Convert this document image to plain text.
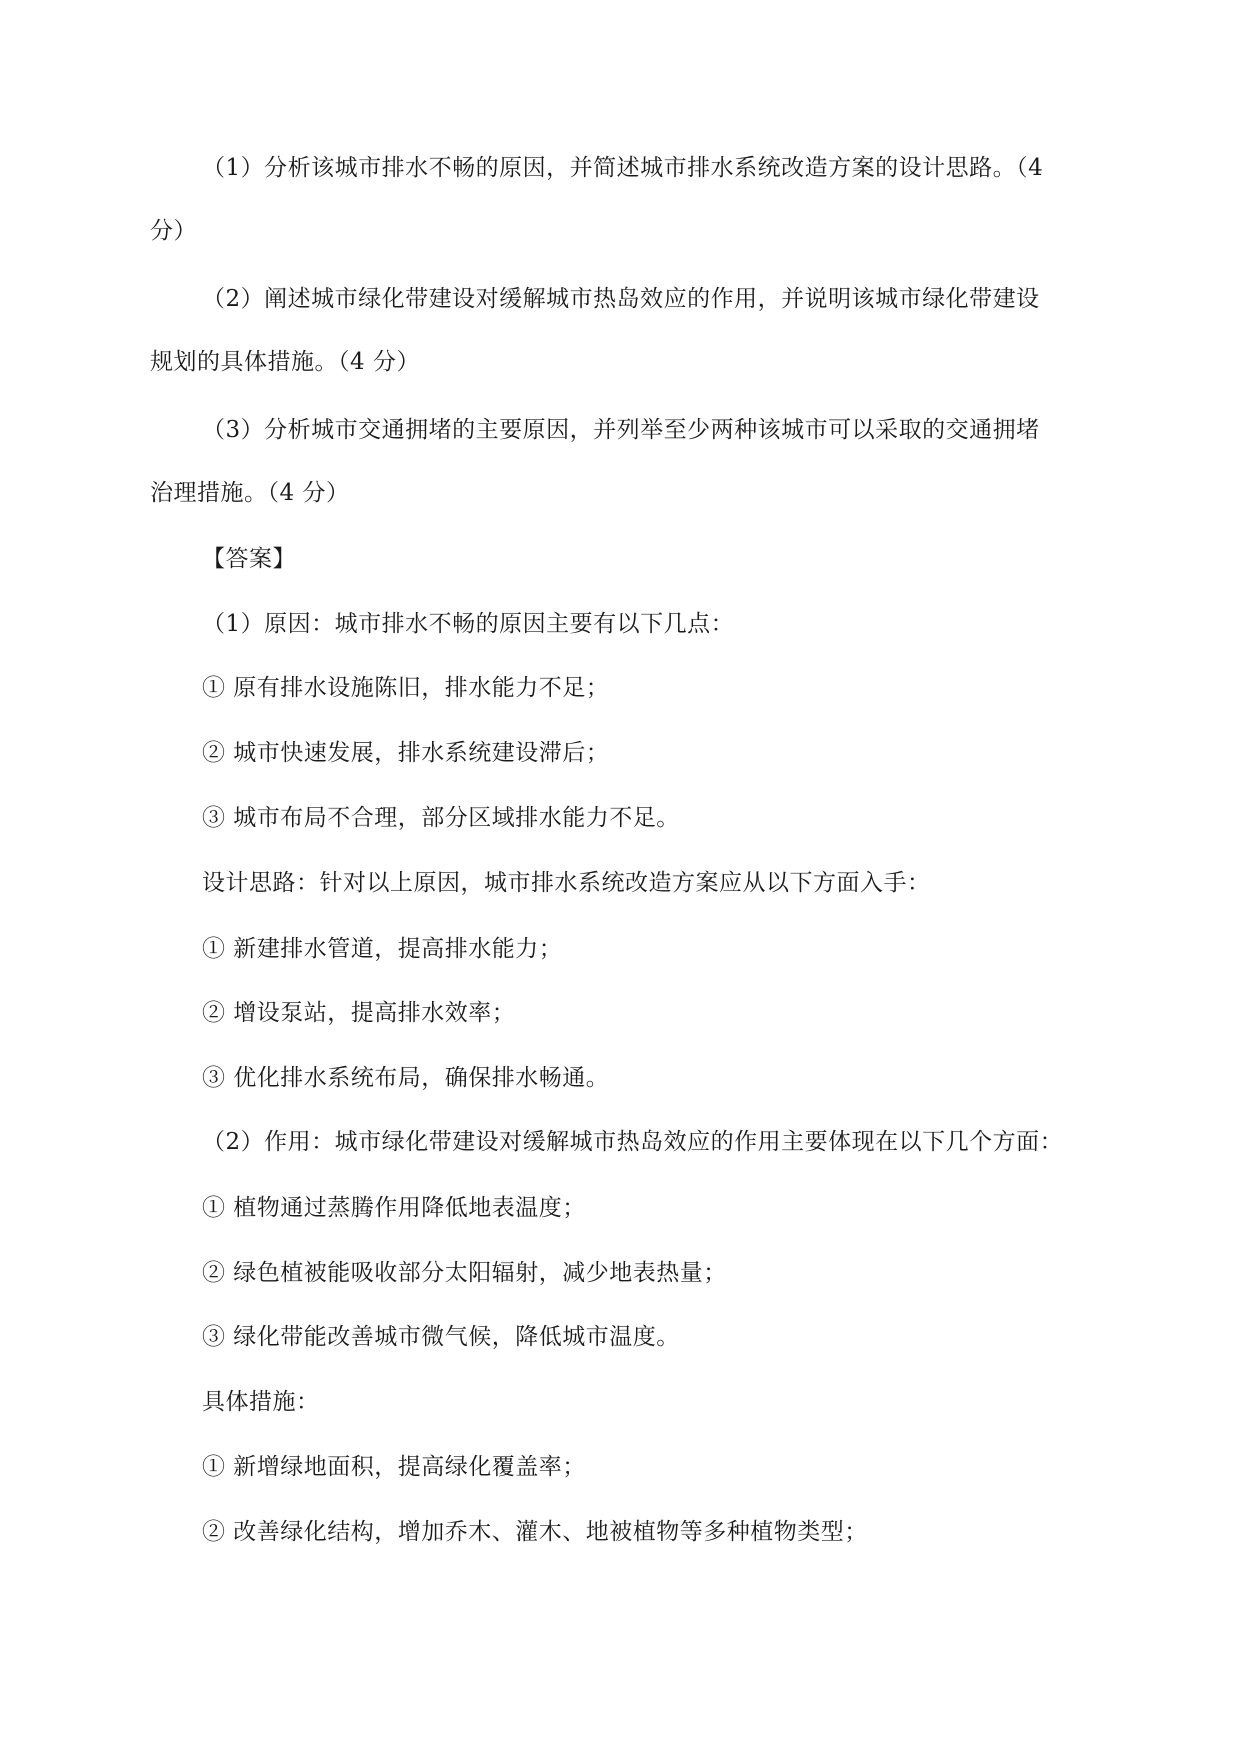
（1）分析该城市排水不畅的原因，并简述城市排水系统改造方案的设计思路。（4
分）
（2）阐述城市绿化带建设对缓解城市热岛效应的作用，并说明该城市绿化带建设
规划的具体措施。（4 分）
（3）分析城市交通拥堵的主要原因，并列举至少两种该城市可以采取的交通拥堵
治理措施。（4 分）
【答案】
（1）原因：城市排水不畅的原因主要有以下几点：
① 原有排水设施陈旧，排水能力不足；
② 城市快速发展，排水系统建设滞后；
③ 城市布局不合理，部分区域排水能力不足。
设计思路：针对以上原因，城市排水系统改造方案应从以下方面入手：
① 新建排水管道，提高排水能力；
② 增设泵站，提高排水效率；
③ 优化排水系统布局，确保排水畅通。
（2）作用：城市绿化带建设对缓解城市热岛效应的作用主要体现在以下几个方面：
① 植物通过蒸腾作用降低地表温度；
② 绿色植被能吸收部分太阳辐射，减少地表热量；
③ 绿化带能改善城市微气候，降低城市温度。
具体措施：
① 新增绿地面积，提高绿化覆盖率；
② 改善绿化结构，增加乔木、灌木、地被植物等多种植物类型；
